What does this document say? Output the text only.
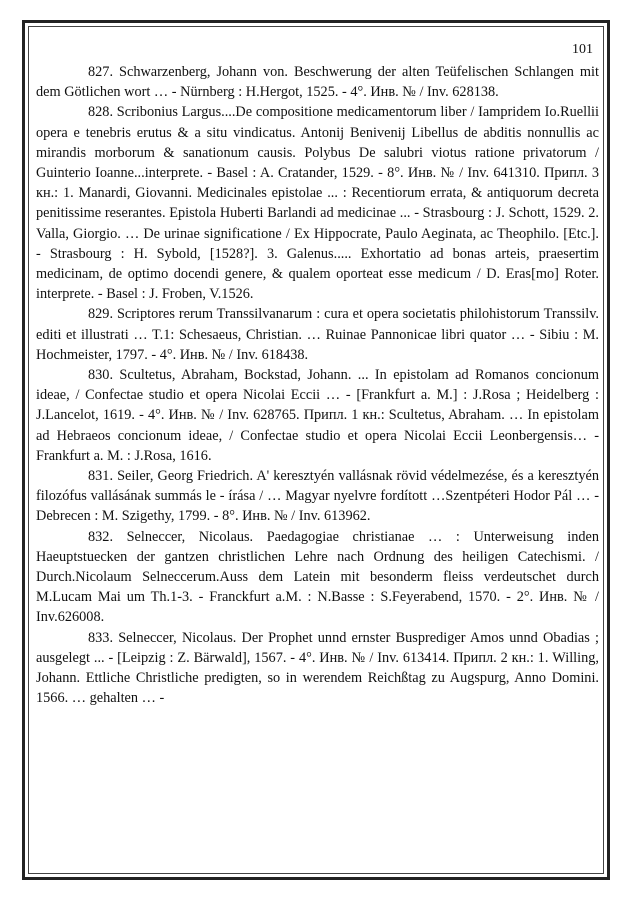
101

827. Schwarzenberg, Johann von. Beschwerung der alten Teüfelischen Schlangen mit dem Götlichen wort … - Nürnberg : H.Hergot, 1525. - 4°. Инв. № / Inv. 628138.

828. Scribonius Largus....De compositione medicamentorum liber / Iampridem Io.Ruellii opera e tenebris erutus & a situ vindicatus. Antonij Benivenij Libellus de abditis nonnullis ac mirandis morborum & sanationum causis. Polybus De salubri viotus ratione privatorum / Guinterio Ioanne...interprete. - Basel : A. Cratander, 1529. - 8°. Инв. № / Inv. 641310. Припл. 3 кн.: 1. Manardi, Giovanni. Medicinales epistolae ... : Recentiorum errata, & antiquorum decreta penitissime reserantes. Epistola Huberti Barlandi ad medicinae ... - Strasbourg : J. Schott, 1529. 2. Valla, Giorgio. … De urinae significatione / Ex Hippocrate, Paulo Aeginata, ac Theophilo. [Etc.]. - Strasbourg : H. Sybold, [1528?]. 3. Galenus..... Exhortatio ad bonas arteis, praesertim medicinam, de optimo docendi genere, & qualem oporteat esse medicum / D. Eras[mo] Roter. interprete. - Basel : J. Froben, V.1526.

829. Scriptores rerum Transsilvanarum : cura et opera societatis philohistorum Transsilv. editi et illustrati … T.1: Schesaeus, Christian. … Ruinae Pannonicae libri quator … - Sibiu : M. Hochmeister, 1797. - 4°. Инв. № / Inv. 618438.

830. Scultetus, Abraham, Bockstad, Johann. ... In epistolam ad Romanos concionum ideae, / Confectae studio et opera Nicolai Eccii … - [Frankfurt a. M.] : J.Rosa ; Heidelberg : J.Lancelot, 1619. - 4°. Инв. № / Inv. 628765. Припл. 1 кн.: Scultetus, Abraham. … In epistolam ad Hebraeos concionum ideae, / Confectae studio et opera Nicolai Eccii Leonbergensis… - Frankfurt a. M. : J.Rosa, 1616.

831. Seiler, Georg Friedrich. A' keresztyén vallásnak rövid védelmezése, és a keresztyén filozófus vallásának summás le - írása / … Magyar nyelvre fordított …Szentpéteri Hodor Pál … - Debrecen : M. Szigethy, 1799. - 8°. Инв. № / Inv. 613962.

832. Selneccer, Nicolaus. Paedagogiae christianae … : Unterweisung inden Haeuptstuecken der gantzen christlichen Lehre nach Ordnung des heiligen Catechismi. / Durch.Nicolaum Selneccerum.Auss dem Latein mit besonderm fleiss verdeutschet durch M.Lucam Mai um Th.1-3. - Franckfurt a.M. : N.Basse : S.Feyerabend, 1570. - 2°. Инв. № / Inv.626008.

833. Selneccer, Nicolaus. Der Prophet unnd ernster Busprediger Amos unnd Obadias ; ausgelegt ... - [Leipzig : Z. Bärwald], 1567. - 4°. Инв. № / Inv. 613414. Припл. 2 кн.: 1. Willing, Johann. Ettliche Christliche predigten, so in werendem Reichßtag zu Augspurg, Anno Domini. 1566. … gehalten … -
